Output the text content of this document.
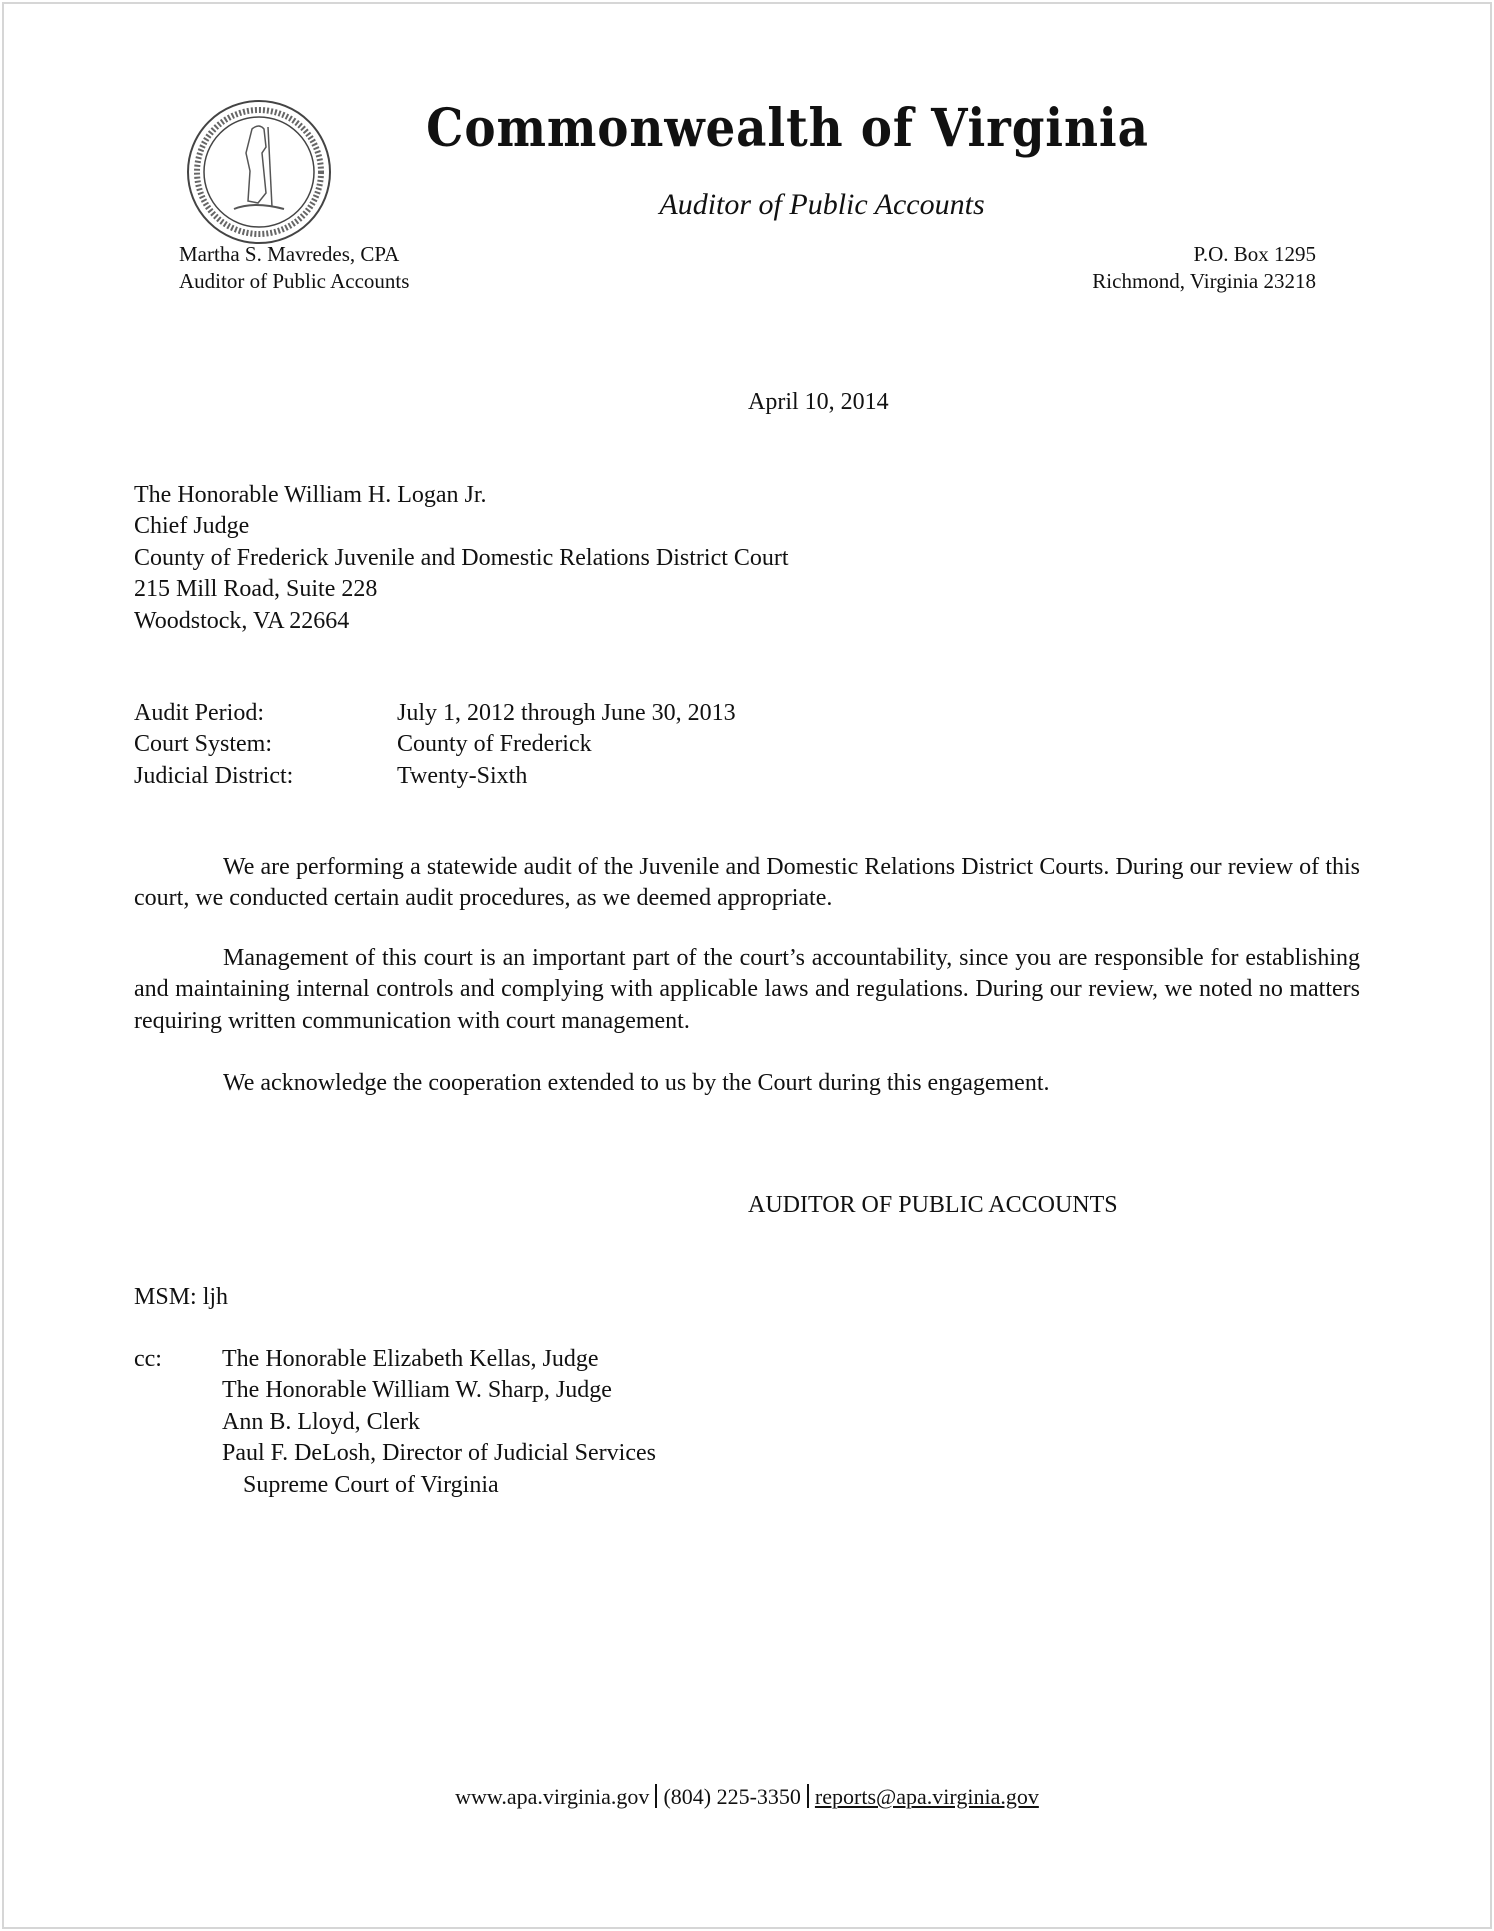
Commonwealth of Virginia
Auditor of Public Accounts
Martha S. Mavredes, CPA
Auditor of Public Accounts
P.O. Box 1295
Richmond, Virginia 23218
April 10, 2014
The Honorable William H. Logan Jr.
Chief Judge
County of Frederick Juvenile and Domestic Relations District Court
215 Mill Road, Suite 228
Woodstock, VA 22664
Audit Period:	July 1, 2012 through June 30, 2013
Court System:	County of Frederick
Judicial District:	Twenty-Sixth
We are performing a statewide audit of the Juvenile and Domestic Relations District Courts. During our review of this court, we conducted certain audit procedures, as we deemed appropriate.
Management of this court is an important part of the court’s accountability, since you are responsible for establishing and maintaining internal controls and complying with applicable laws and regulations. During our review, we noted no matters requiring written communication with court management.
We acknowledge the cooperation extended to us by the Court during this engagement.
AUDITOR OF PUBLIC ACCOUNTS
MSM: ljh
cc:	The Honorable Elizabeth Kellas, Judge
The Honorable William W. Sharp, Judge
Ann B. Lloyd, Clerk
Paul F. DeLosh, Director of Judicial Services
Supreme Court of Virginia
www.apa.virginia.gov (804) 225-3350 reports@apa.virginia.gov
